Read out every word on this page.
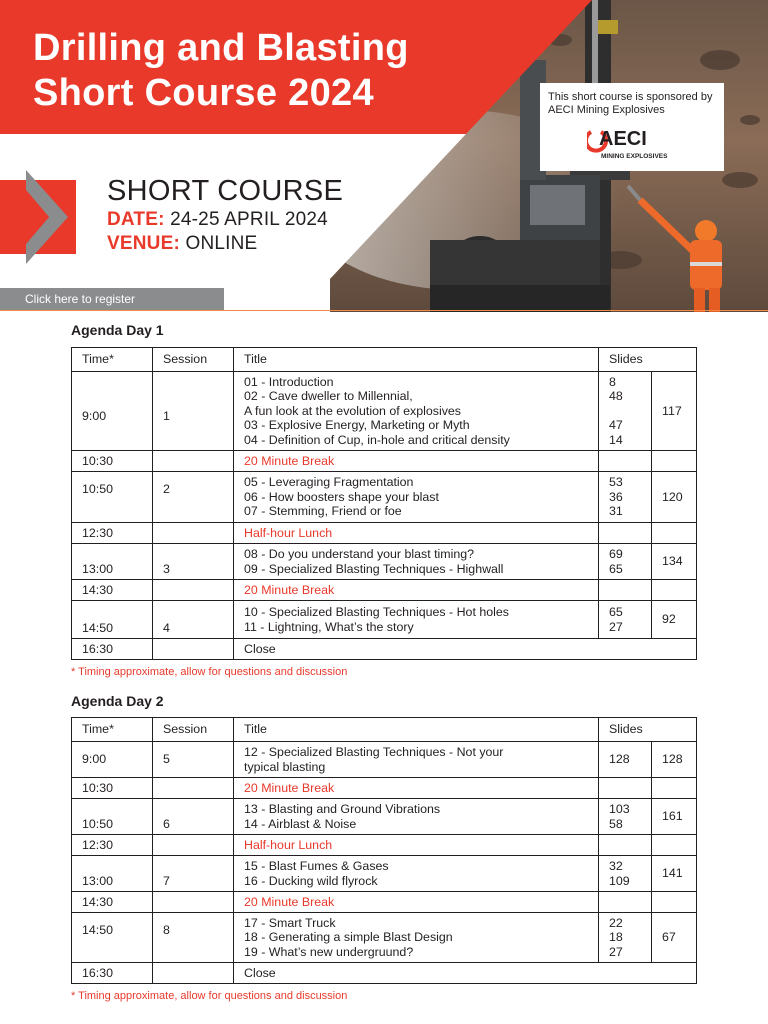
Drilling and Blasting
Short Course 2024	This short course is sponsored by AECI Mining Explosives
AECI
MINING EXPLOSIVES
SHORT COURSE
DATE: 24-25 APRIL 2024
VENUE: ONLINE
Click here to register
Agenda Day 1
Time*	Session	Title	Slides	
9:00	1	01 - Introduction
02 - Cave dweller to Millennial,
A fun look at the evolution of explosives
03 - Explosive Energy, Marketing or Myth
04 - Definition of Cup, in-hole and critical density	8
48

47
14	117
10:30		20 Minute Break		
10:50	2	05 - Leveraging Fragmentation
06 - How boosters shape your blast
07 - Stemming, Friend or foe	53
36
31	120
12:30		Half-hour Lunch		
13:00	3	08 - Do you understand your blast timing?
09 - Specialized Blasting Techniques - Highwall	69
65	134
14:30		20 Minute Break		
14:50	4	10 - Specialized Blasting Techniques - Hot holes
11 - Lightning, What’s the story	65
27	92
16:30		Close		
* Timing approximate, allow for questions and discussion
Agenda Day 2
Time*	Session	Title	Slides	
9:00	5	12 - Specialized Blasting Techniques - Not your
typical blasting	128	128
10:30		20 Minute Break		
10:50	6	13 - Blasting and Ground Vibrations
14 - Airblast & Noise	103
58	161
12:30		Half-hour Lunch		
13:00	7	15 - Blast Fumes & Gases
16 - Ducking wild flyrock	32
109	141
14:30		20 Minute Break		
14:50	8	17 - Smart Truck
18 - Generating a simple Blast Design
19 - What’s new undergruund?	22
18
27	67
16:30		Close		
* Timing approximate, allow for questions and discussion
